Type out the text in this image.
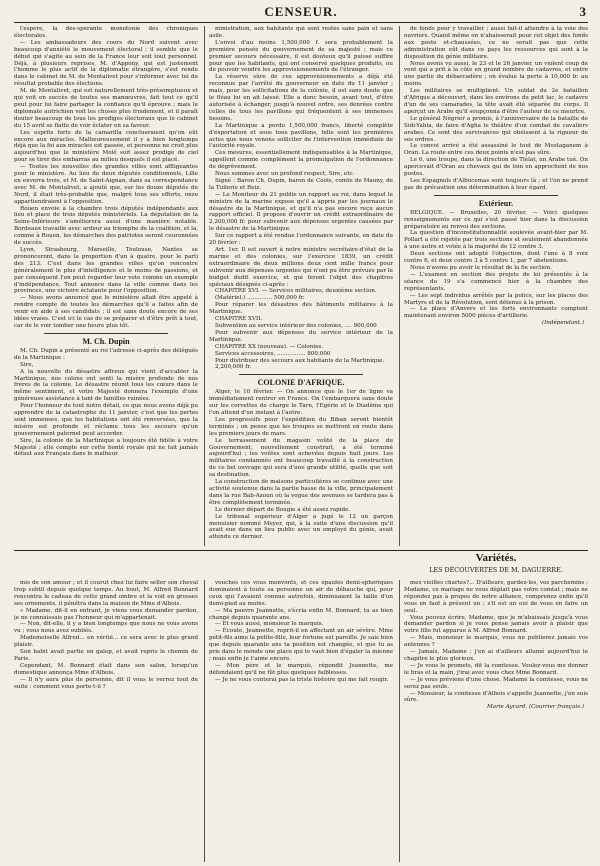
CENSEUR.	3

l'espère, la dés-spérante monotonie des chroniques électorales.

— Les ambassadeurs des cours du Nord suivent avec beaucoup d'anxiété le mouvement électoral ; il semble que le début qui s'agite au sein de la France leur soit tout personnel. Déjà, à plusieurs reprises, M. d'Appony, qui est justement l'homme le plus actif de la diplomatie étrangère, s'est rendu dans le cabinet de M. de Montalivet pour s'informer avec lui du résultat probable des élections.

M. de Montalivet, qui est naturellement très-présomptueux et qui voit en succès de toutes ses manœuvres, fait tout ce qu'il peut pour lui faire partager la confiance qu'il éprouve ; mais le diplomate autrichien voit les choses plus froidement, et il paraît douter beaucoup de tous les prodiges électoraux que le cabinet du 15 avril se flatte de voir éclater en sa faveur.

Les esprits forts de la camarilla conclueraient qu'on eût encore aux miracles. Malheureusement il y a bien longtemps déjà que la foi aux miracles est passée, et personne ne croit plus aujourd'hui que le ministère Molé soit assez prodige de ciel pour se tirer des embarras au milieu desquels il est placé.

— Toutes les nouvelles des grandes villes sont affligeantes pour le ministère. Au lieu de deux députés conditionnels, Lille en enverra trois, et M. de Saint-Aignan, dans sa correspondance avec M. de Montalivet, a ajouté que, sur les douze députés du Nord, il était très-probable que, malgré tous ses efforts, onze appartiendraient à l'opposition.

Rouen envoie à la chambre trois députés indépendants aux lieu et place de trois députés ministériels. La députation de la Seine-Inférieure s'améliorera aussi d'une manière notable. Bordeaux travaille avec ardeur au triomphe de la coalition, et la, comme à Rouen, les démarches des patriotes seront couronnées de succès.

Lyon, Strasbourg, Marseille, Toulouse, Nantes se prononceront, dans la proportion d'un à quatre, pour le parti des 213. C'est dans les grandes villes qu'on rencontre généralement le plus d'intelligence et le moins de passions, et par conséquent l'on peut regarder leur vote comme un exemple d'indépendance. Tout annonce dans la ville comme dans les provinces, une victoire éclatante pour l'opposition.

— Nous avons annoncé que le ministère allait être appelé à rendre compte de toutes les démarches qu'il a faites afin de venir en aide à ses candidats ; il est sans doute encore de ses idées vraies. C'est ici le cas de se préparer et d'être prêt à tout, car de le voir tomber une heure plus tôt.

M. Ch. Dupin

M. Ch. Dupin a présenté au roi l'adresse ci-après des délégués de la Martinique :

Sire,

A la nouvelle du désastre affreux qui vient d'accabler la Martinique, nos colons ont senti la misère profonde de nos frères de la colonie. Le désastre réunit tous les cœurs dans le même sentiment, et votre Majesté donnera l'exemple d'une généreuse assistance à tant de familles ruinées.

Pour l'honneur de tout notre détail, ce que nous avons déjà pu apprendre de la catastrophe du 11 janvier, c'est que les pertes sont immenses, que les habitations ont été renversées, que la misère est profonde et réclame tous les secours qu'un gouvernement paternel peut accorder.

Sire, la colonie de la Martinique a toujours été fidèle à votre Majesté ; elle compte sur cette bonté royale qui ne fait jamais défaut aux Français dans le malheur.

ministration, aux habitants qui sont restés sans pain et sans asile.

L'envoi d'au moins 1,500,000 f. sera probablement la première pensée du gouvernement de sa majesté ; mais ce premier secours nécessaire, il est douteux qu'il puisse suffire pour que les habitants, qui ont conservé quelques produits, ou de pouvoir vendre les approvisionnements de l'étranger.

La réserve sûre de ces approvisionnements a déjà été reconnue par l'arrêté du gouverneur en date du 11 janvier ; mais, pour les sollicitations de la colonie, il est sans doute que le fléau lui en ait laissé. Elle a donc besoin, avant tout, d'être autorisée à échanger, jusqu'à nouvel ordre, ses denrées contre celles de tous les pavillons qui fréquentent à ses immenses besoins.

La Martinique a perdu 1,500,000 francs, liberté complète d'exportation et sous tous pavillons, telle sont les premières actes que nous venons solliciter de l'intervention immédiate de l'autorité royale.

Ces mesures, essentiellement indispensables à la Martinique, appellent comme complément la promulgation de l'ordonnance de dégrèvement.

Nous sommes avec un profond respect, Sire, etc.

Signé : Baron Ch. Dupin, baron de Cools, comte de Mauny, de la Tuilerie et Reiz.

— Le Moniteur du 21 publie un rapport au roi, dans lequel le ministre de la marine expose qu'il a appris par les journaux le désastre de la Martinique, et qu'il n'a pas encore reçu aucun rapport officiel. Il propose d'ouvrir un crédit extraordinaire de 2,200,000 fr. pour subvenir aux dépenses urgentes causées par le désastre de la Martinique.

Sur ce rapport a été rendue l'ordonnance suivante, en date du 20 février :

Art. 1er. Il est ouvert à notre ministre secrétaire-d'état de la marine et des colonies, sur l'exercice 1839, un crédit extraordinaire de deux millions deux cent mille francs pour subvenir aux dépenses urgentes qui n'ont pu être prévues par le budget dudit exercice, et qui feront l'objet des chapitres spéciaux désignés ci-après :

CHAPITRE XVI. — Services militaires, deuxième section.

(Matériel.) .............. 500,000 fr.

Pour réparer les désastres des bâtiments militaires à la Martinique.

CHAPITRE XVII.

Subvention au service intérieur des colonies, .... 900,000

Pour subvenir aux dépenses du service intérieur de la Martinique.

CHAPITRE XX (nouveau). — Colonies.

Services accessoires, ................ 800,000

Pour distribuer des secours aux habitants de la Martinique.

2,200,000 fr.

COLONIE D'AFRIQUE.

Alger, le 10 février. — On annonce que le 1er de ligne va immédiatement rentrer en France. On l'embarquera sans doute sur les corvettes de charge le Tarn, l'Egérie et le Diadème qui l'on attend d'un instant à l'autre.

Les progressifs pour l'expédition du Biban seront bientôt terminés ; on pense que les troupes se mettront en route dans les premiers jours de mars.

Le terrassement du magasin voûté de la place du Gouvernement, nouvellement construit, a été terminé aujourd'hui ; les voûtes sont achevées depuis huit jours. Les militaires condamnés ont beaucoup travaillé à la construction de ce bel ouvrage qui sera d'une grande utilité, quelle que soit sa destination.

La construction de maisons particulières se continue avec une activité soutenue dans la partie basse de la ville, principalement dans la rue Bab-Azoun où la vogue des avenues se tardera pas à être complètement terminée.

Le dernier départ de Bougie a été assez rapide.

Le tribunal supérieur d'Alger a jugé le 12 un garçon menuisier nommé Meyer, qui, à la suite d'une discussion qu'il avait eue dans un lieu public avec un employé du génie, avait attendu ce dernier.

de fonds pour y travailler ; aussi fait-il attendre à la voie des ouvriers. Quand même on n'abaisserait pour cet objet des fonds aux poste et-chaussées, ce ne serait pas que cette administration eût dans ce pays les ressources qui sont à la disposition du génie militaire.

Nous avons vu aussi, le 23 et le 26 janvier, un violent coup de vent qui a prit à la côte en grand nombre de cadavres, et entre une partie du débarcadère ; on évalue la perte à 10,000 fr. au moins.

Les militaires se multiplient. Un soldat du 2e bataillon d'Afrique a découvert, dans les environs du petit lac, le cadavre d'un de ses camarades, la tête avait été séparée du corps. Il aperçut un Arabe qu'il soupçonna d'être l'auteur de ce meurtre.

Le général Négrier a promis, à l'anniversaire de la bataille de Sidi-Yahia, de faire d'Agha le théâtre d'un combat de cavaliers arabes. Ce sont des survivances qui obéissent à la rigueur de ses ordres.

Le convoi arrivé a été assassiné le tout de Mostaganem à Oran. La route entre ces deux points n'est pas sûre.

Le 6, une troupe, dans la direction de Tlèlat, un Arabe tué. On apercevait d'Oran au chevaux qui de loin en approchent de nos postes.

Les Espagnols d'Albucemas sont toujours là ; et l'on ne prend pas de précaution une détermination à leur égard.

Extérieur.

BELGIQUE. — Bruxelles, 20 février. — Voici quelques renseignements sur ce qui s'est passé hier dans la discussion préparatoire au renvoi des sections.

La question d'inconstitutionnalité soulevée avant-hier par M. Pollart a été rejetée par trois sections et seulement abandonnée à une autre et votée à la majorité de 12 contre 3.

Deux sections ont adopté l'objection, dont l'une à 8 voix contre 6, et deux contre 3 à 5 contre 1, par 7 abstentions.

Nous n'avons pu avoir le résultat de la 6e section.

— L'examen en section des projets de loi présentés à la séance du 19 s'a commencé hier à la chambre des représentants.

— Les sept individus arrêtés par la police, sur les places des Martyrs et de la Révolution, sont détenus à la prison.

— La place d'Anvers et les forts environnants comptent maintenant environ 5000 pièces d'artillerie.

(Indépendant.)
Variétés.
LES DÉCOUVERTES DE M. DAGUERRE.

mis de son amour ; et il courut chez lui faire seller son cheval trop subtil depuis quelque temps. Au bout, M. Alfred Bonnard rencontra le cadeau de cette grand ombre et la voit en grosses ses ornements, il pénétra dans la maison de Mme d'Albois.

« Madame, dit-il en entrant, je viens vous demander pardon, je ne connaissais pas l'honneur qui m'appartenait.

— Non, dit-elle, il y a bien longtemps que nous ne vous avons vu ; vous nous avez oubliés.

Mademoiselle Alfred... en vérité... ce sera avec le plus grand plaisir.

Son habit avait partie un galop, et avait repris le chemin de Paris.

Cependant, M. Bonnard était dans son salon, lorsqu'un domestique annonça Mme d'Albois.

— Il n'y aura plus de personne, dit il vous le verrez tout de suite : comment vous porte-t-il ?

vouches ces vous monvonts, et ces épaules demi-sphériques dominaient à toute sa personne un air de débauche qui, pour ceux qui l'avaient connue autrefois, diminuaient la taille d'un demi-pied au moins.

— Ma pauvre Jeannette, s'écria enfin M. Bonnard, tu as bien changé depuis quarante ans.

— Et vous aussi, monsieur le marquis.

— Écoute, Jeannette, reprit-il en affectant un air sévère. Mme petit-fils aime la petite-fille, leur fortune est pareille. Je sais bien que depuis quarante ans ta position est changée, et que tu as pris dans le monde une place qui te vaut bien d'égaler la mienne ; mais enfin je t'aime encore.

— Mon père et le marquis, répondit Jeannette, me défendaient qu'il ne fût plus quelques faiblesses.

— Je ne vous conterai pas la triste histoire qui me fait rougir.

mes vieilles chartes?... D'ailleurs, gardez-les, vos parchemins ; Madame, ce mariage ne vous déplait pas votre comtat ; mais ne répondez pas à propos de notre alliance, comprenez enfin qu'il vous en faut à présent un ; s'il est un oui de vous en faire un seul.

Vous pouvez écrire, Madame, que je m'abaissais jusqu'à vous demander pardon si je vous pense jamais avoir à plaisir que votre fille fut apparue à M. Alfred Bonnard.

— Mais, monsieur le marquis, vous ne publierez jamais vos antennes ?

— Jamais, Madame ; j'en ai d'ailleurs allumé aujourd'hui le chapitre le plus glorieux.

— Je vous le promets, dit la comtesse. Voulez-vous me donner le bras et la main, j'irai avec vous chez Mme Bonnard.

— Je vous préviens d'une chose, Madame la comtesse, vous ne serez pas seule.

— Monsieur, la comtesse d'Albois s'appelle Jeannette, j'en suis sûre.

Marie Aycard. (Courrier français.)
